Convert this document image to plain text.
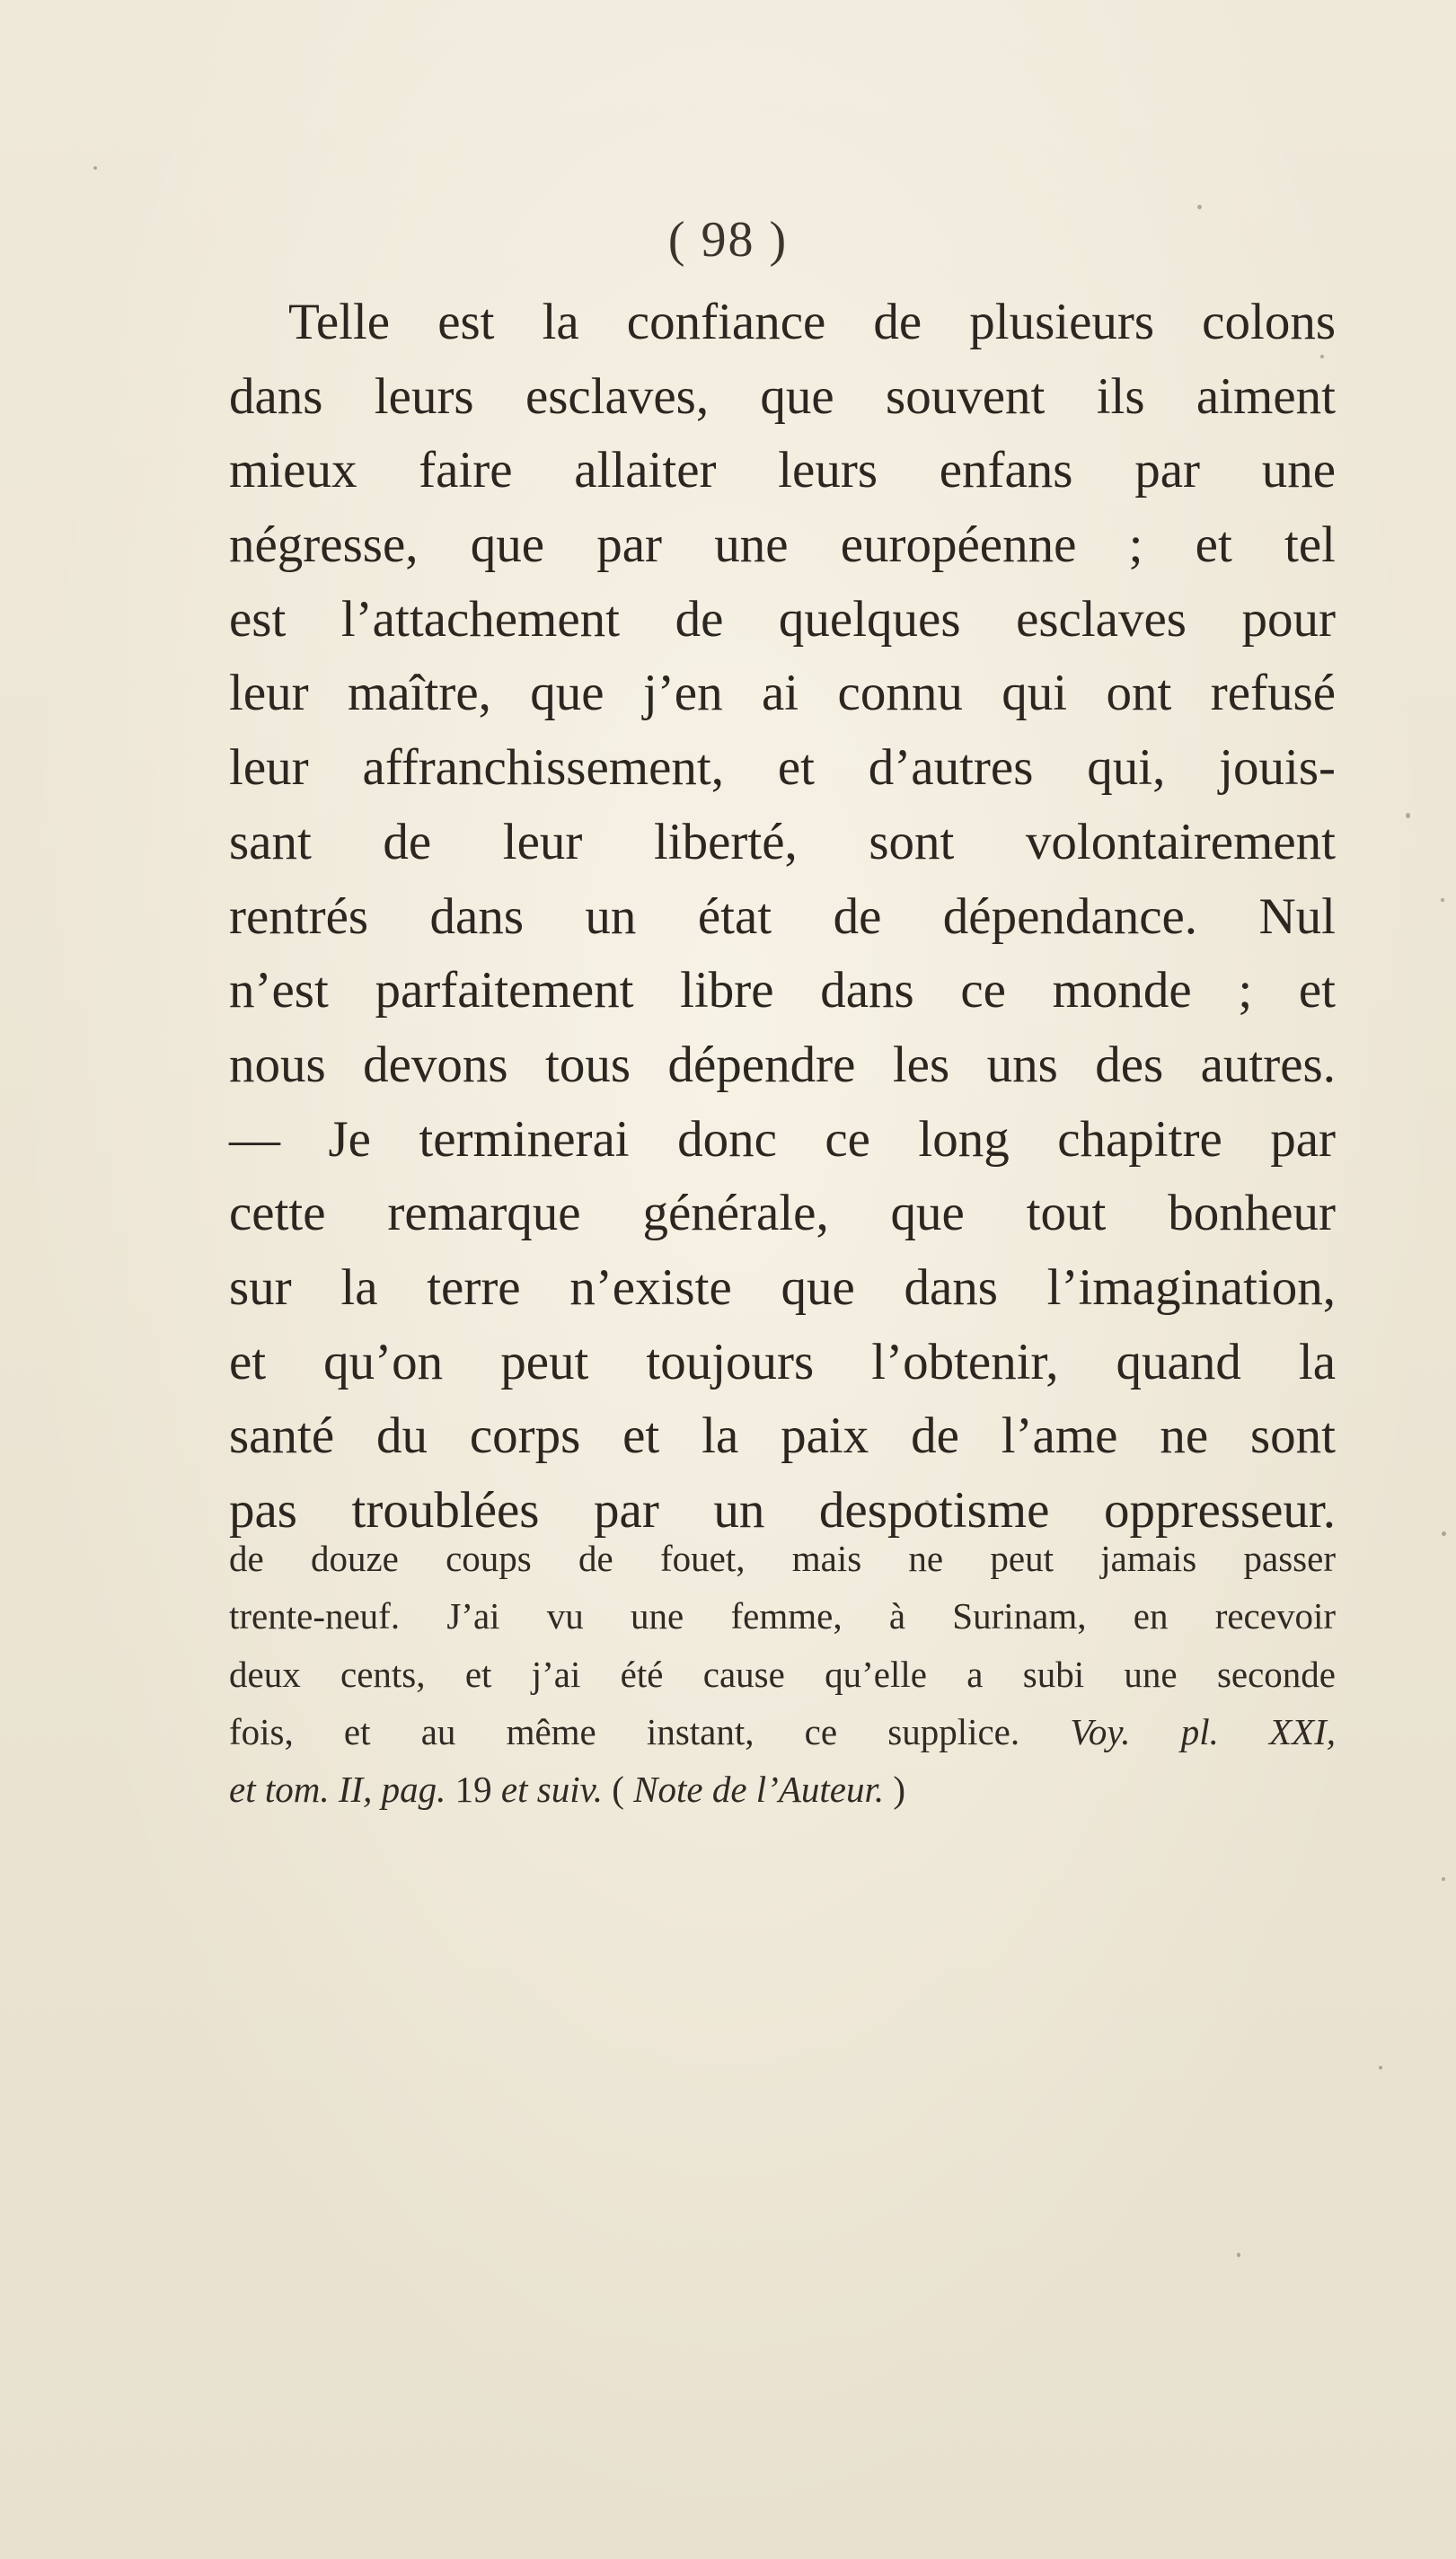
( 98 )
Telle est la confiance de plusieurs colons
dans leurs esclaves, que souvent ils aiment
mieux faire allaiter leurs enfans par une
négresse, que par une européenne ; et tel
est l’attachement de quelques esclaves pour
leur maître, que j’en ai connu qui ont refusé
leur affranchissement, et d’autres qui, jouis-
sant de leur liberté, sont volontairement
rentrés dans un état de dépendance. Nul
n’est parfaitement libre dans ce monde ; et
nous devons tous dépendre les uns des autres.
— Je terminerai donc ce long chapitre par
cette remarque générale, que tout bonheur
sur la terre n’existe que dans l’imagination,
et qu’on peut toujours l’obtenir, quand la
santé du corps et la paix de l’ame ne sont
pas troublées par un despotisme oppresseur.
de douze coups de fouet, mais ne peut jamais passer
trente-neuf. J’ai vu une femme, à Surinam, en recevoir
deux cents, et j’ai été cause qu’elle a subi une seconde
fois, et au même instant, ce supplice. Voy. pl. XXI,
et tom. II, pag. 19 et suiv. ( Note de l’Auteur. )
